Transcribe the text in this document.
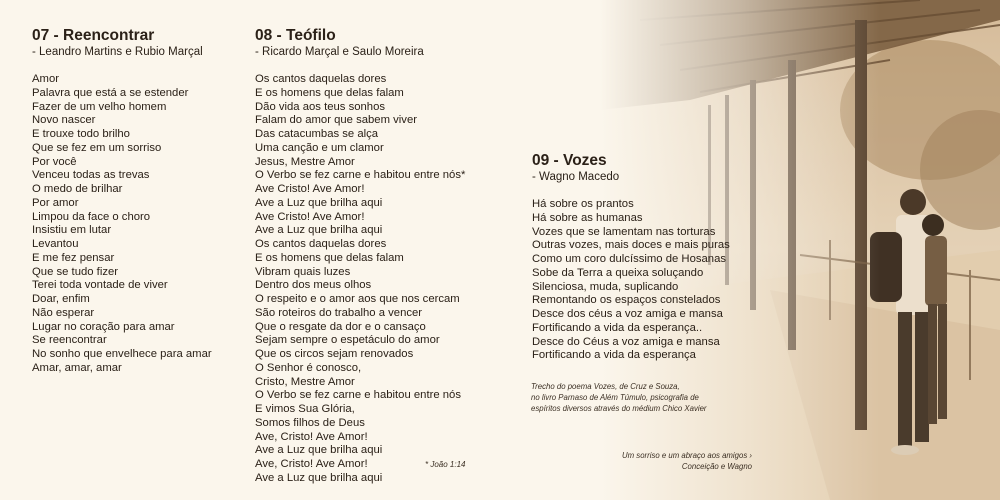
07 - Reencontrar
- Leandro Martins e Rubio Marçal
Amor
Palavra que está a se estender
Fazer de um velho homem
Novo nascer
E trouxe todo brilho
Que se fez em um sorriso
Por você
Venceu todas as trevas
O medo de brilhar
Por amor
Limpou da face o choro
Insistiu em lutar
Levantou
E me fez pensar
Que se tudo fizer
Terei toda vontade de viver
Doar, enfim
Não esperar
Lugar no coração para amar
Se reencontrar
No sonho que envelhece para amar
Amar, amar, amar
08 - Teófilo
- Ricardo Marçal e Saulo Moreira
Os cantos daquelas dores
E os homens que delas falam
Dão vida aos teus sonhos
Falam do amor que sabem viver
Das catacumbas se alça
Uma canção e um clamor
Jesus, Mestre Amor
O Verbo se fez carne e habitou entre nós*
Ave Cristo! Ave Amor!
Ave a Luz que brilha aqui
Ave Cristo! Ave Amor!
Ave a Luz que brilha aqui
Os cantos daquelas dores
E os homens que delas falam
Vibram quais luzes
Dentro dos meus olhos
O respeito e o amor aos que nos cercam
São roteiros do trabalho a vencer
Que o resgate da dor e o cansaço
Sejam sempre o espetáculo do amor
Que os circos sejam renovados
O Senhor é conosco,
Cristo, Mestre Amor
O Verbo se fez carne e habitou entre nós
E vimos Sua Glória,
Somos filhos de Deus
Ave, Cristo! Ave Amor!
Ave a Luz que brilha aqui
Ave, Cristo! Ave Amor!
Ave a Luz que brilha aqui
* João 1:14
09 - Vozes
- Wagno Macedo
Há sobre os prantos
Há sobre as humanas
Vozes que se lamentam nas torturas
Outras vozes, mais doces e mais puras
Como um coro dulcíssimo de Hosanas
Sobe da Terra a queixa soluçando
Silenciosa, muda, suplicando
Remontando os espaços constelados
Desce dos céus a voz amiga e mansa
Fortificando a vida da esperança..
Desce do Céus a voz amiga e mansa
Fortificando a vida da esperança
Trecho do poema Vozes, de Cruz e Souza,
no livro Parnaso de Além Túmulo, psicografia de
espíritos diversos através do médium Chico Xavier
Um sorriso e um abraço aos amigos ›
Conceição e Wagno
